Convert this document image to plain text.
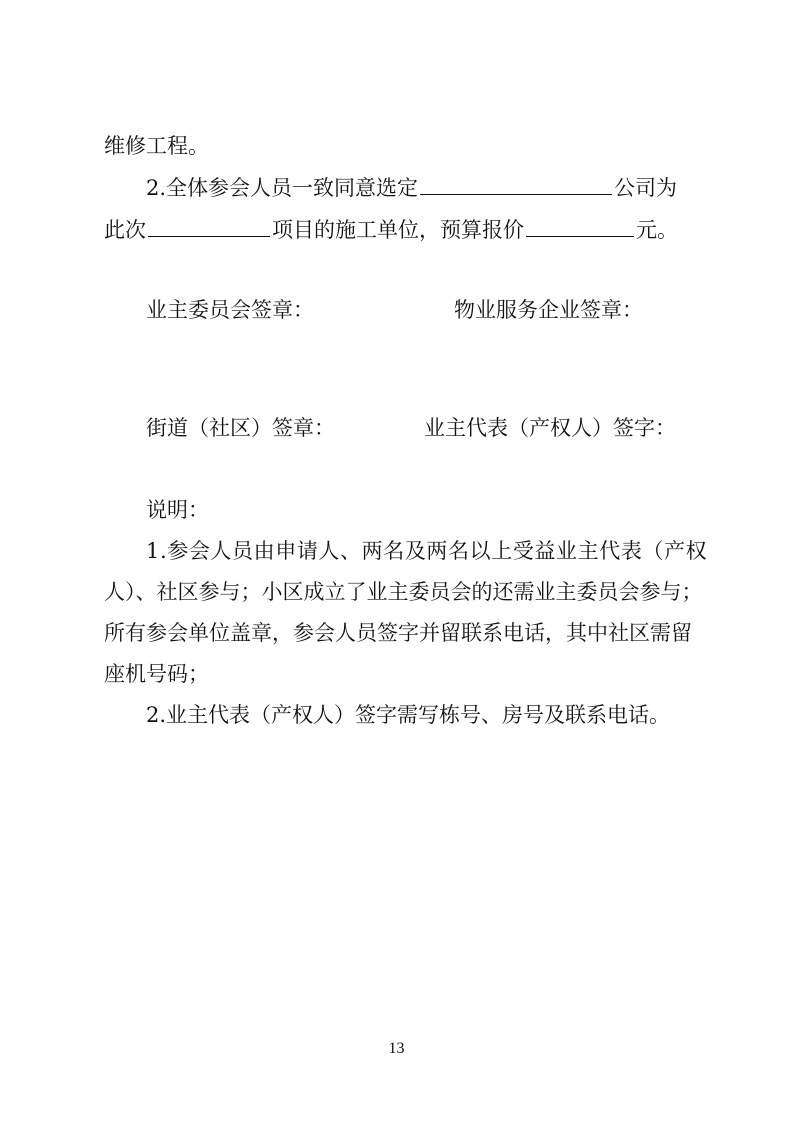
维修工程。
2.全体参会人员一致同意选定	公司为
此次	项目的施工单位，预算报价	元。
业主委员会签章：	物业服务企业签章：
街道（社区）签章：	业主代表（产权人）签字：
说明：
1.参会人员由申请人、两名及两名以上受益业主代表（产权
人）、社区参与；小区成立了业主委员会的还需业主委员会参与；
所有参会单位盖章，参会人员签字并留联系电话，其中社区需留
座机号码；
2.业主代表（产权人）签字需写栋号、房号及联系电话。
13
